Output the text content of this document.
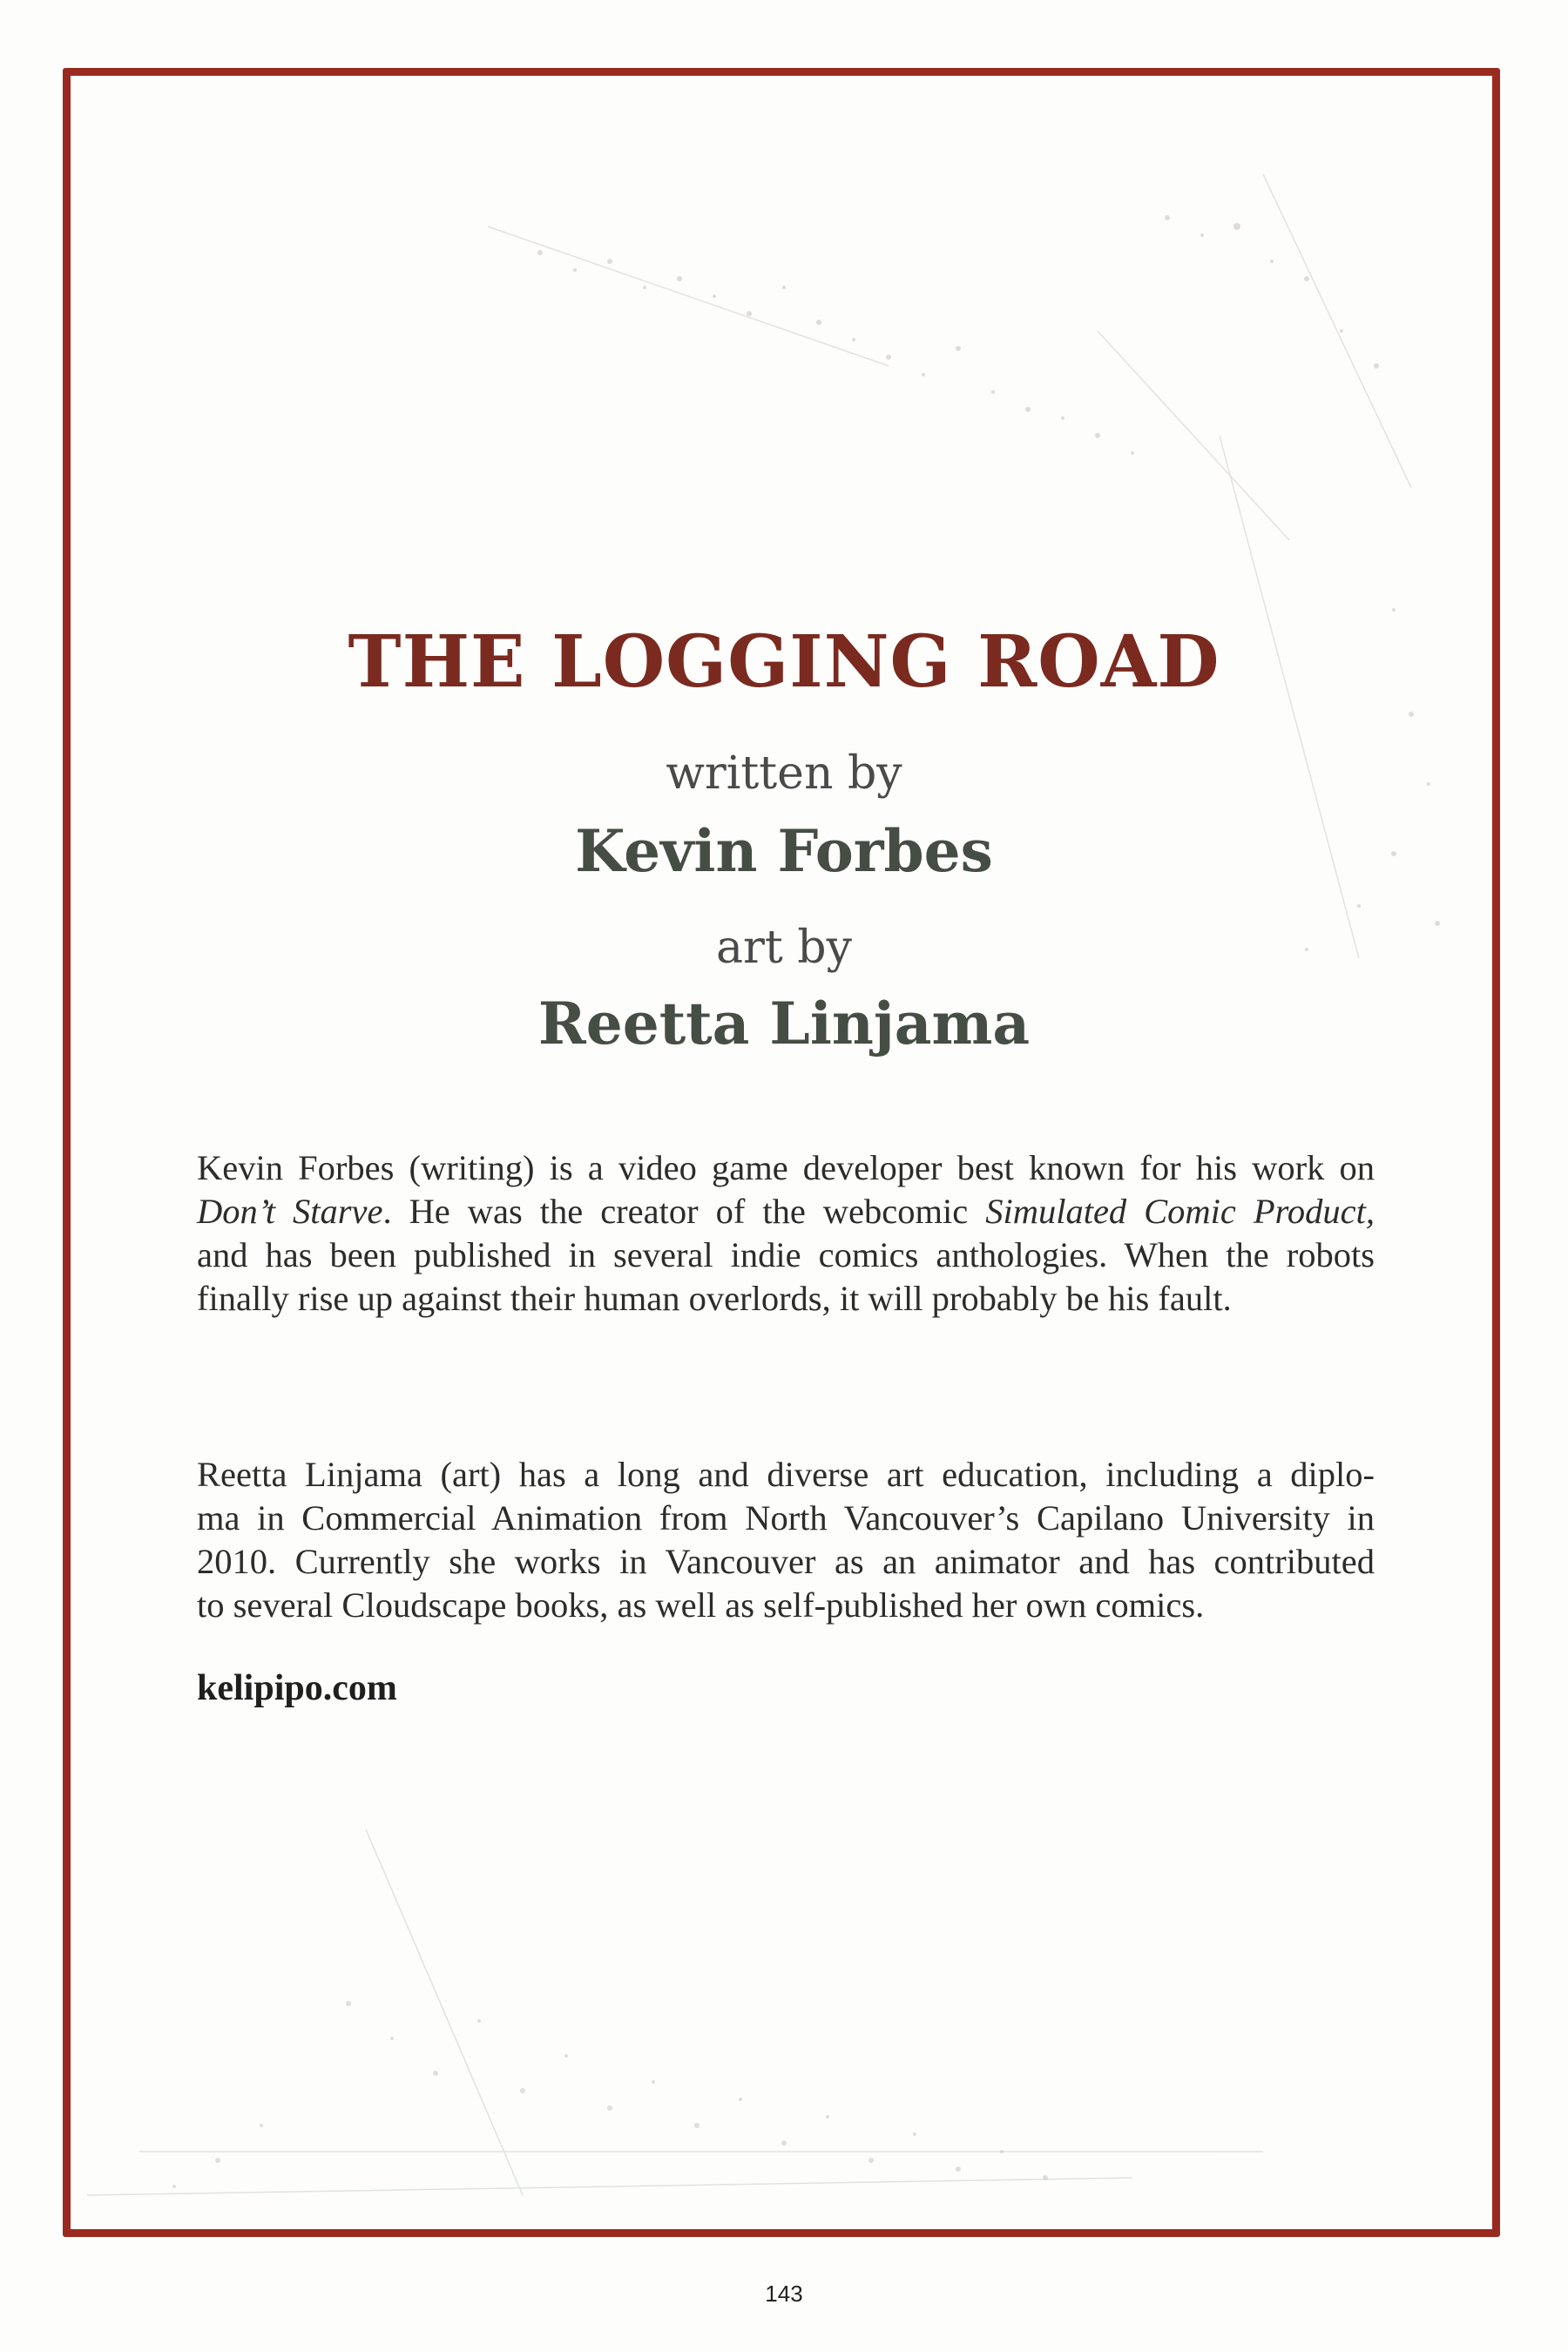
THE LOGGING ROAD
written by
Kevin Forbes
art by
Reetta Linjama

Kevin Forbes (writing) is a video game developer best known for his work on
Don’t Starve. He was the creator of the webcomic Simulated Comic Product,
and has been published in several indie comics anthologies. When the robots
finally rise up against their human overlords, it will probably be his fault.

Reetta Linjama (art) has a long and diverse art education, including a diplo-
ma in Commercial Animation from North Vancouver’s Capilano University in
2010. Currently she works in Vancouver as an animator and has contributed
to several Cloudscape books, as well as self-published her own comics.

kelipipo.com
143
